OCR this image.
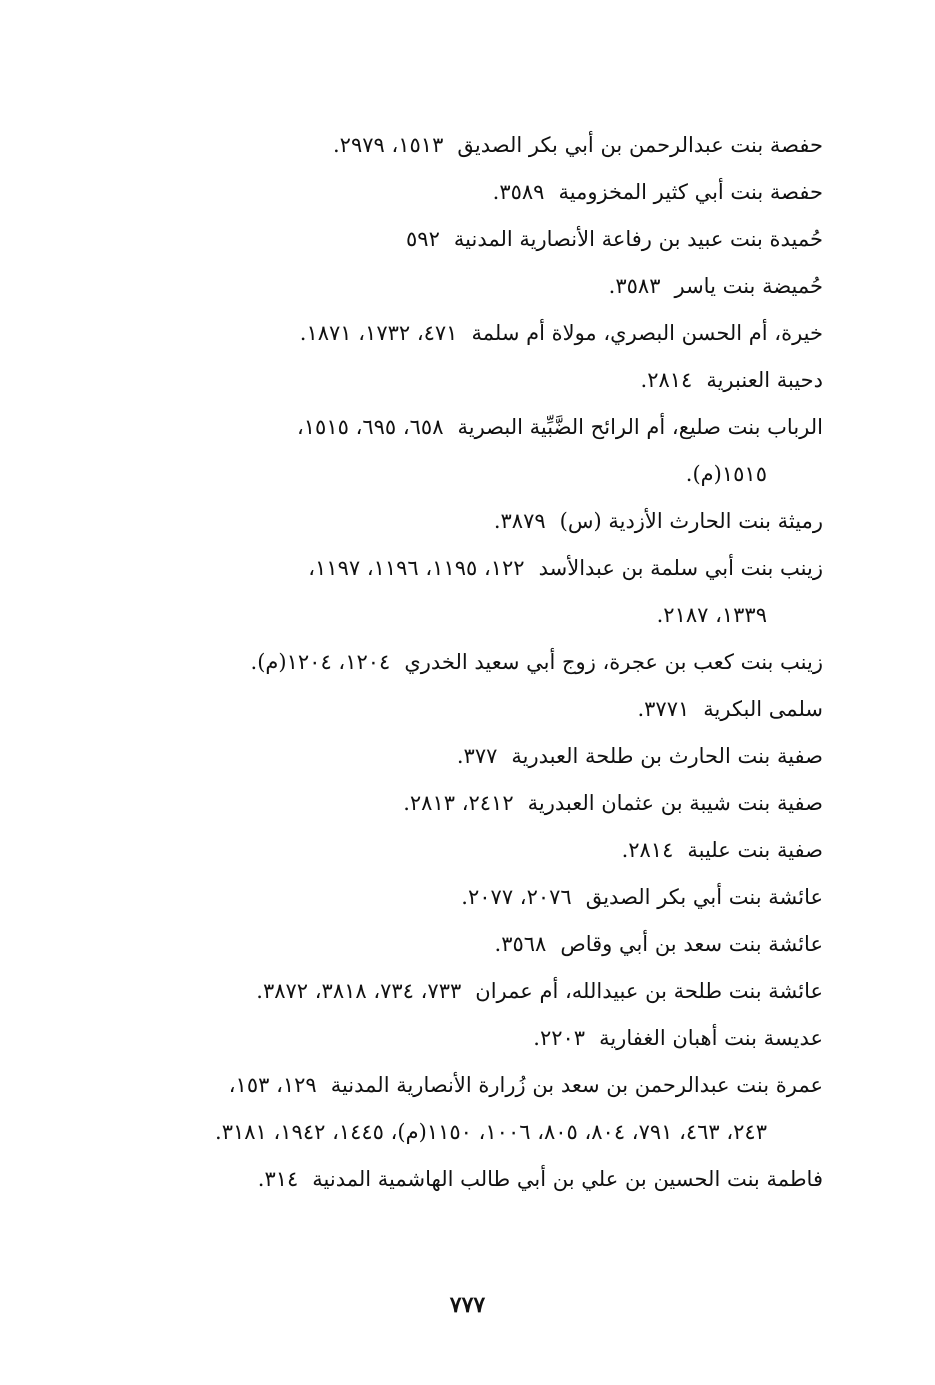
حفصة بنت عبدالرحمن بن أبي بكر الصديق١٥١٣، ٢٩٧٩.

حفصة بنت أبي كثير المخزومية٣٥٨٩.

حُميدة بنت عبيد بن رفاعة الأنصارية المدنية٥٩٢

حُميضة بنت ياسر٣٥٨٣.

خيرة، أم الحسن البصري، مولاة أم سلمة٤٧١، ١٧٣٢، ١٨٧١.

دحيبة العنبرية٢٨١٤.

الرباب بنت صليع، أم الرائح الضَّبِّية البصرية٦٥٨، ٦٩٥، ١٥١٥،
١٥١٥(م).

رميثة بنت الحارث الأزدية (س)٣٨٧٩.

زينب بنت أبي سلمة بن عبدالأسد١٢٢، ١١٩٥، ١١٩٦، ١١٩٧،
١٣٣٩، ٢١٨٧.

زينب بنت كعب بن عجرة، زوج أبي سعيد الخدري١٢٠٤، ١٢٠٤(م).

سلمى البكرية٣٧٧١.

صفية بنت الحارث بن طلحة العبدرية٣٧٧.

صفية بنت شيبة بن عثمان العبدرية٢٤١٢، ٢٨١٣.

صفية بنت عليبة٢٨١٤.

عائشة بنت أبي بكر الصديق٢٠٧٦، ٢٠٧٧.

عائشة بنت سعد بن أبي وقاص٣٥٦٨.

عائشة بنت طلحة بن عبيدالله، أم عمران٧٣٣، ٧٣٤، ٣٨١٨، ٣٨٧٢.

عديسة بنت أهبان الغفارية٢٢٠٣.

عمرة بنت عبدالرحمن بن سعد بن زُرارة الأنصارية المدنية١٢٩، ١٥٣،
٢٤٣، ٤٦٣، ٧٩١، ٨٠٤، ٨٠٥، ١٠٠٦، ١١٥٠(م)، ١٤٤٥، ١٩٤٢، ٣١٨١.

فاطمة بنت الحسين بن علي بن أبي طالب الهاشمية المدنية٣١٤.

٧٧٧
